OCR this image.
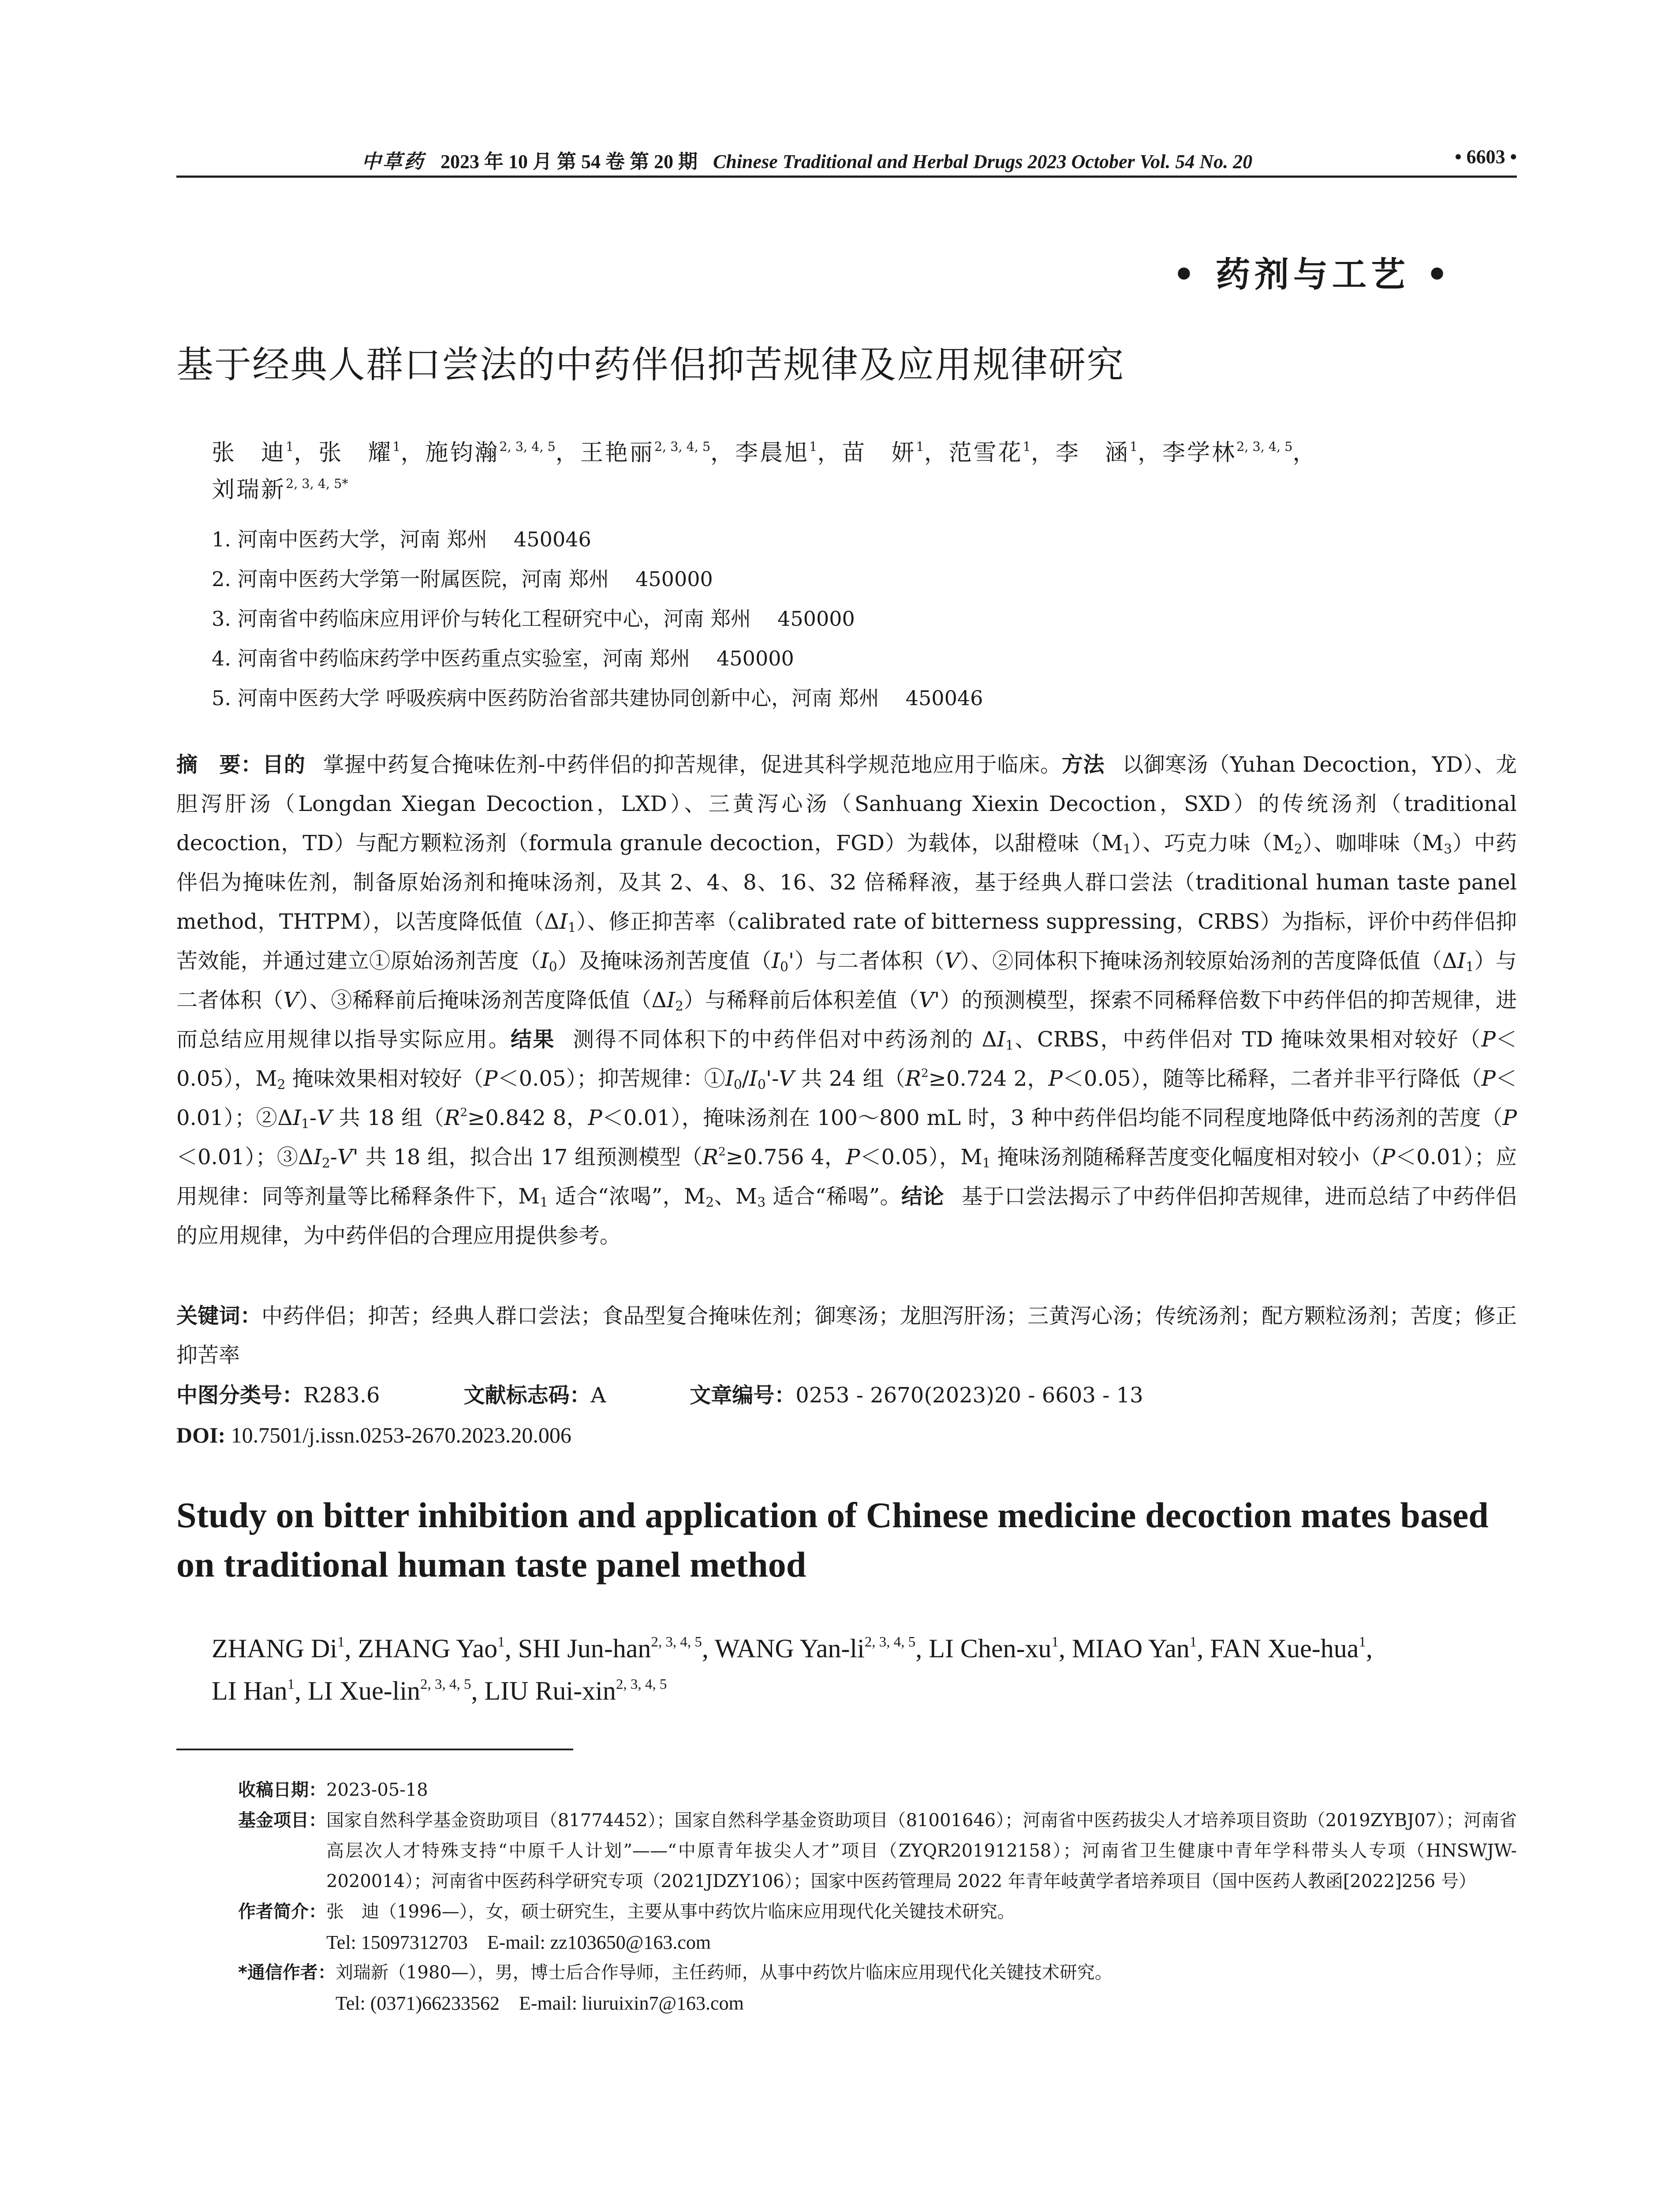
中草药 2023 年 10 月 第 54 卷 第 20 期 Chinese Traditional and Herbal Drugs 2023 October Vol. 54 No. 20	• 6603 •
• 药剂与工艺 •
基于经典人群口尝法的中药伴侣抑苦规律及应用规律研究
张　迪$^1$，张　耀$^1$，施钧瀚$^{2, 3, 4, 5}$，王艳丽$^{2, 3, 4, 5}$，李晨旭$^1$，苗　妍$^1$，范雪花$^1$，李　涵$^1$，李学林$^{2, 3, 4, 5}$，
刘瑞新$^{2, 3, 4, 5*}$
1. 河南中医药大学，河南 郑州 450046
2. 河南中医药大学第一附属医院，河南 郑州 450000
3. 河南省中药临床应用评价与转化工程研究中心，河南 郑州 450000
4. 河南省中药临床药学中医药重点实验室，河南 郑州 450000
5. 河南中医药大学 呼吸疾病中医药防治省部共建协同创新中心，河南 郑州 450046
摘　要：目的 掌握中药复合掩味佐剂-中药伴侣的抑苦规律，促进其科学规范地应用于临床。方法 以御寒汤（Yuhan Decoction，YD）、龙胆泻肝汤（Longdan Xiegan Decoction，LXD）、三黄泻心汤（Sanhuang Xiexin Decoction，SXD）的传统汤剂（traditional decoction，TD）与配方颗粒汤剂（formula granule decoction，FGD）为载体，以甜橙味$(M_1)$、巧克力味$(M_2)$、咖啡味$(M_3)$中药伴侣为掩味佐剂，制备原始汤剂和掩味汤剂，及其 2、4、8、16、32 倍稀释液，基于经典人群口尝法（traditional human taste panel method，THTPM），以苦度降低值$(\Delta I_1)$、修正抑苦率（calibrated rate of bitterness suppressing，CRBS）为指标，评价中药伴侣抑苦效能，并通过建立①原始汤剂苦度$(I_0)$及掩味汤剂苦度值$(I_0')$与二者体积（V）、②同体积下掩味汤剂较原始汤剂的苦度降低值$(\Delta I_1)$与二者体积（V）、③稀释前后掩味汤剂苦度降低值$(\Delta I_2)$与稀释前后体积差值（V'）的预测模型，探索不同稀释倍数下中药伴侣的抑苦规律，进而总结应用规律以指导实际应用。结果 测得不同体积下的中药伴侣对中药汤剂的 $\Delta I_1$、CRBS，中药伴侣对 TD 掩味效果相对较好（P＜0.05），$M_2$ 掩味效果相对较好（P＜0.05）；抑苦规律：$①I_0/I_0'-V$ 共 24 组（$R^2\ge 0.724$ 2，P＜0.05），随等比稀释，二者并非平行降低（P＜0.01）；$②\Delta I_1-V$ 共 18 组（$R^2\ge 0.842$ 8，P＜0.01），掩味汤剂在 100～800 mL 时，3 种中药伴侣均能不同程度地降低中药汤剂的苦度（P＜0.01）；$③\Delta I_2-V'$ 共 18 组，拟合出 17 组预测模型（$R^2\ge 0.756$ 4，P＜0.05），$M_1$ 掩味汤剂随稀释苦度变化幅度相对较小（P＜0.01）；应用规律：同等剂量等比稀释条件下，$M_1$ 适合“浓喝”，$M_2$、$M_3$ 适合“稀喝”。结论 基于口尝法揭示了中药伴侣抑苦规律，进而总结了中药伴侣的应用规律，为中药伴侣的合理应用提供参考。
关键词：中药伴侣；抑苦；经典人群口尝法；食品型复合掩味佐剂；御寒汤；龙胆泻肝汤；三黄泻心汤；传统汤剂；配方颗粒汤剂；苦度；修正抑苦率
中图分类号：R283.6	文献标志码：A	文章编号：0253 - 2670(2023)20 - 6603 - 13
DOI: 10.7501/j.issn.0253-2670.2023.20.006
Study on bitter inhibition and application of Chinese medicine decoction mates based on traditional human taste panel method
ZHANG Di$^1$, ZHANG Yao$^1$, SHI Jun-han$^{2, 3, 4, 5}$, WANG Yan-li$^{2, 3, 4, 5}$, LI Chen-$xu^1$, MIAO Yan$^1$, FAN Xue-hua$^1$,
LI Han$^1$, LI Xue-lin$^{2, 3, 4, 5}$, LIU Rui-xin$^{2, 3, 4, 5}$
收稿日期： 2023-05-18
基金项目： 国家自然科学基金资助项目（81774452）；国家自然科学基金资助项目（81001646）；河南省中医药拔尖人才培养项目资助（2019ZYBJ07）；河南省高层次人才特殊支持“中原千人计划”——“中原青年拔尖人才”项目（ZYQR201912158）；河南省卫生健康中青年学科带头人专项（HNSWJW-2020014）；河南省中医药科学研究专项（2021JDZY106）；国家中医药管理局 2022 年青年岐黄学者培养项目（国中医药人教函[2022]256 号）
作者简介： 张　迪（1996—），女，硕士研究生，主要从事中药饮片临床应用现代化关键技术研究。
Tel: 15097312703　E-mail: zz103650@163.com
*通信作者： 刘瑞新（1980—），男，博士后合作导师，主任药师，从事中药饮片临床应用现代化关键技术研究。
Tel: (0371)66233562　E-mail: liuruixin7@163.com
